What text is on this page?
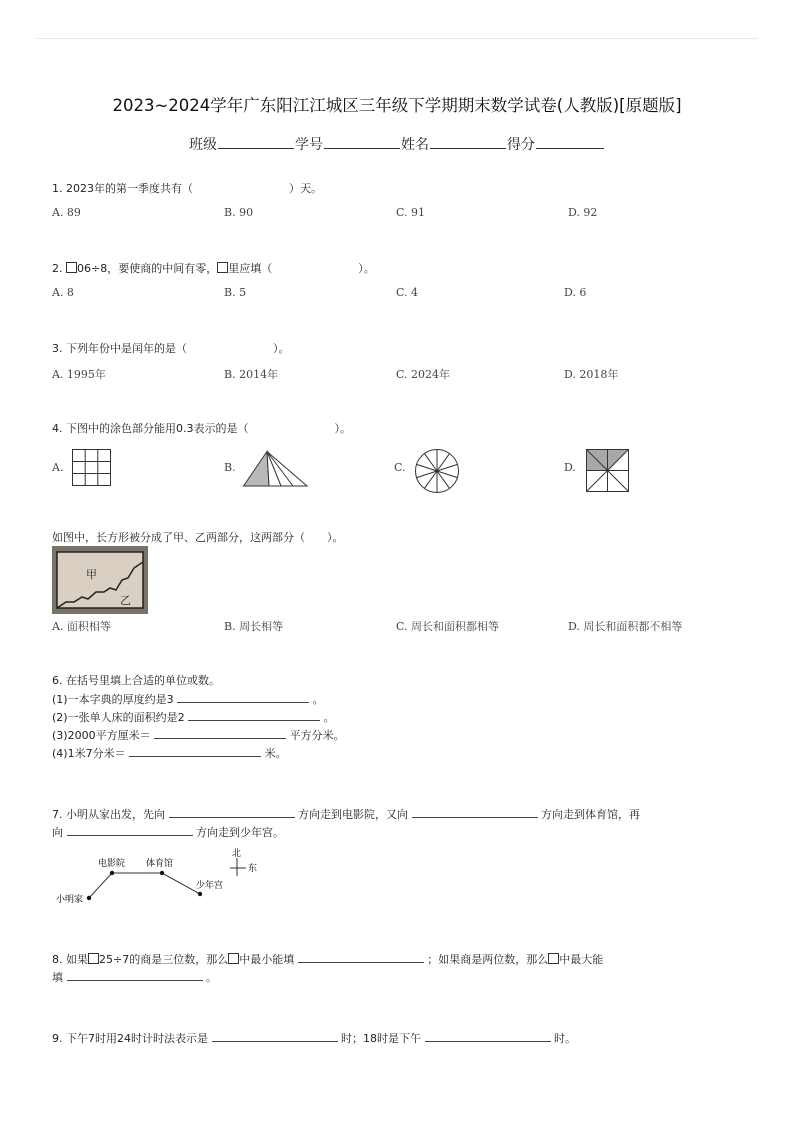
2023~2024学年广东阳江江城区三年级下学期期末数学试卷(人教版)[原题版]
班级	学号	姓名	得分
1. 2023年的第一季度共有（	）天。
A. 89	B. 90	C. 91	D. 92
2. 06÷8，要使商的中间有零， 里应填（	）。
A. 8	B. 5	C. 4	D. 6
3. 下列年份中是闰年的是（	）。
A. 1995年	B. 2014年	C. 2024年	D. 2018年
4. 下图中的涂色部分能用0.3表示的是（	）。
A.	B.	C.	D.
如图中，长方形被分成了甲、乙两部分，这两部分（　　）。
甲
乙
A. 面积相等	B. 周长相等	C. 周长和面积都相等	D. 周长和面积都不相等
6. 在括号里填上合适的单位或数。
(1)一本字典的厚度约是3	。
(2)一张单人床的面积约是2	。
(3)2000平方厘米＝	平方分米。
(4)1米7分米＝	米。
7. 小明从家出发，先向	方向走到电影院，又向	方向走到体育馆，再
向	方向走到少年宫。
小明家
电影院 体育馆
少年宫
北
东
8. 如果 25÷7的商是三位数，那么 中最小能填	；如果商是两位数，那么 中最大能
填	。
9. 下午7时用24时计时法表示是	时；18时是下午	时。
